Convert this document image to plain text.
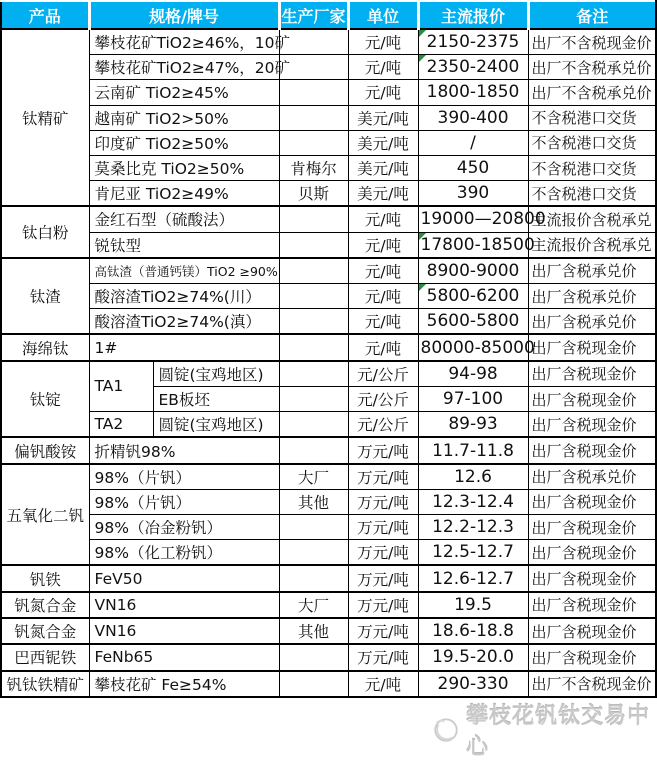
产品	规格/牌号		生产厂家	单位	主流报价	备注
钛精矿	攀枝花矿TiO2≥46%，10矿			元/吨	2150-2375	出厂不含税现金价
	攀枝花矿TiO2≥47%，20矿			元/吨	2350-2400	出厂不含税承兑价
	云南矿 TiO2≥45%			元/吨	1800-1850	出厂不含税承兑价
	越南矿 TiO2>50%			美元/吨	390-400	不含税港口交货
	印度矿 TiO2≥50%			美元/吨	/	不含税港口交货
	莫桑比克 TiO2≥50%		肯梅尔	美元/吨	450	不含税港口交货
	肯尼亚 TiO2≥49%		贝斯	美元/吨	390	不含税港口交货
钛白粉	金红石型（硫酸法）			元/吨	19000—20800	主流报价含税承兑
	锐钛型			元/吨	17800-18500	主流报价含税承兑
钛渣	高钛渣（普通钙镁）TiO2 ≥90%			元/吨	8900-9000	出厂含税承兑价
	酸溶渣TiO2≥74%(川）			元/吨	5800-6200	出厂含税承兑价
	酸溶渣TiO2≥74%(滇）			元/吨	5600-5800	出厂含税承兑价
海绵钛	1#			元/吨	80000-85000	出厂含税现金价
钛锭	TA1	圆锭(宝鸡地区)		元/公斤	94-98	出厂含税现金价
		EB板坯		元/公斤	97-100	出厂含税现金价
	TA2	圆锭(宝鸡地区)		元/公斤	89-93	出厂含税现金价
偏钒酸铵	折精钒98%			万元/吨	11.7-11.8	出厂含税现金价
五氧化二钒	98%（片钒）		大厂	万元/吨	12.6	出厂含税承兑价
	98%（片钒）		其他	万元/吨	12.3-12.4	出厂含税现金价
	98%（冶金粉钒）			万元/吨	12.2-12.3	出厂含税现金价
	98%（化工粉钒）			万元/吨	12.5-12.7	出厂含税现金价
钒铁	FeV50			万元/吨	12.6-12.7	出厂含税现金价
钒氮合金	VN16		大厂	万元/吨	19.5	出厂含税现金价
钒氮合金	VN16		其他	万元/吨	18.6-18.8	出厂含税现金价
巴西铌铁	FeNb65			万元/吨	19.5-20.0	出厂含税现金价
钒钛铁精矿	攀枝花矿 Fe≥54%			元/吨	290-330	出厂不含税现金价
攀枝花钒钛交易中心
